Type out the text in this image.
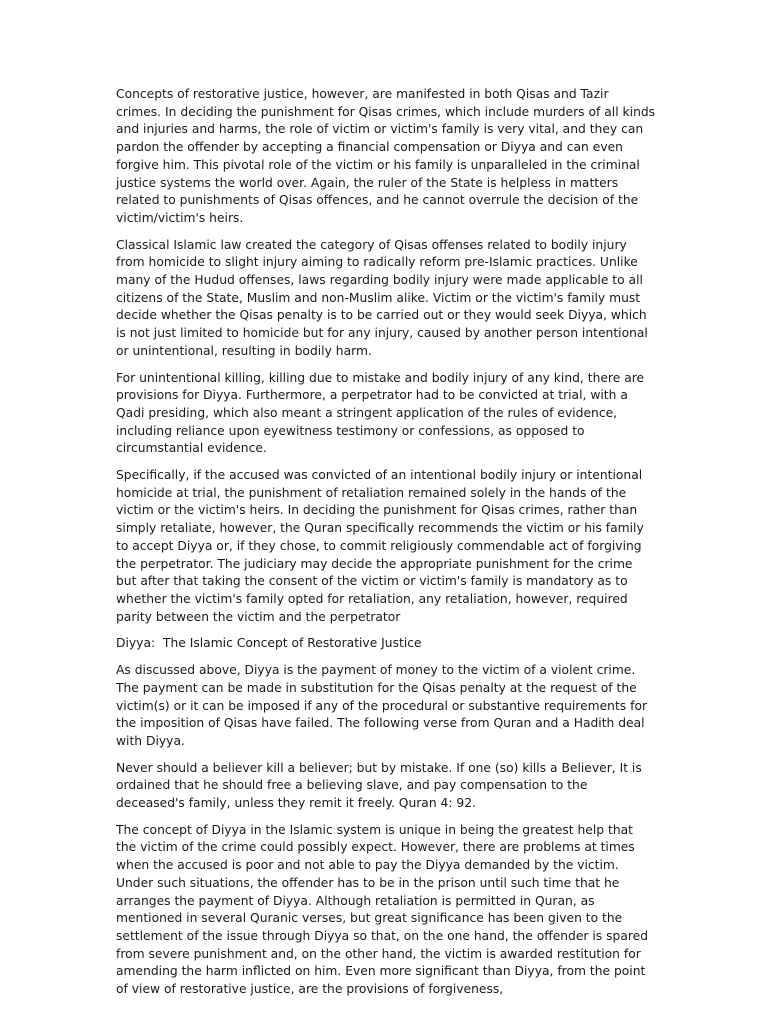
Concepts of restorative justice, however, are manifested in both Qisas and Tazir crimes. In deciding the punishment for Qisas crimes, which include murders of all kinds and injuries and harms, the role of victim or victim's family is very vital, and they can pardon the offender by accepting a financial compensation or Diyya and can even forgive him. This pivotal role of the victim or his family is unparalleled in the criminal justice systems the world over. Again, the ruler of the State is helpless in matters related to punishments of Qisas offences, and he cannot overrule the decision of the victim/victim's heirs.

Classical Islamic law created the category of Qisas offenses related to bodily injury from homicide to slight injury aiming to radically reform pre-Islamic practices. Unlike many of the Hudud offenses, laws regarding bodily injury were made applicable to all citizens of the State, Muslim and non-Muslim alike. Victim or the victim's family must decide whether the Qisas penalty is to be carried out or they would seek Diyya, which is not just limited to homicide but for any injury, caused by another person intentional or unintentional, resulting in bodily harm.

For unintentional killing, killing due to mistake and bodily injury of any kind, there are provisions for Diyya. Furthermore, a perpetrator had to be convicted at trial, with a Qadi presiding, which also meant a stringent application of the rules of evidence, including reliance upon eyewitness testimony or confessions, as opposed to circumstantial evidence.

Specifically, if the accused was convicted of an intentional bodily injury or intentional homicide at trial, the punishment of retaliation remained solely in the hands of the victim or the victim's heirs. In deciding the punishment for Qisas crimes, rather than simply retaliate, however, the Quran specifically recommends the victim or his family to accept Diyya or, if they chose, to commit religiously commendable act of forgiving the perpetrator. The judiciary may decide the appropriate punishment for the crime but after that taking the consent of the victim or victim's family is mandatory as to whether the victim's family opted for retaliation, any retaliation, however, required parity between the victim and the perpetrator

Diyya:  The Islamic Concept of Restorative Justice

As discussed above, Diyya is the payment of money to the victim of a violent crime. The payment can be made in substitution for the Qisas penalty at the request of the victim(s) or it can be imposed if any of the procedural or substantive requirements for the imposition of Qisas have failed. The following verse from Quran and a Hadith deal with Diyya.

Never should a believer kill a believer; but by mistake. If one (so) kills a Believer, It is ordained that he should free a believing slave, and pay compensation to the deceased's family, unless they remit it freely. Quran 4: 92.

The concept of Diyya in the Islamic system is unique in being the greatest help that the victim of the crime could possibly expect. However, there are problems at times when the accused is poor and not able to pay the Diyya demanded by the victim. Under such situations, the offender has to be in the prison until such time that he arranges the payment of Diyya. Although retaliation is permitted in Quran, as mentioned in several Quranic verses, but great significance has been given to the settlement of the issue through Diyya so that, on the one hand, the offender is spared from severe punishment and, on the other hand, the victim is awarded restitution for amending the harm inflicted on him. Even more significant than Diyya, from the point of view of restorative justice, are the provisions of forgiveness,
